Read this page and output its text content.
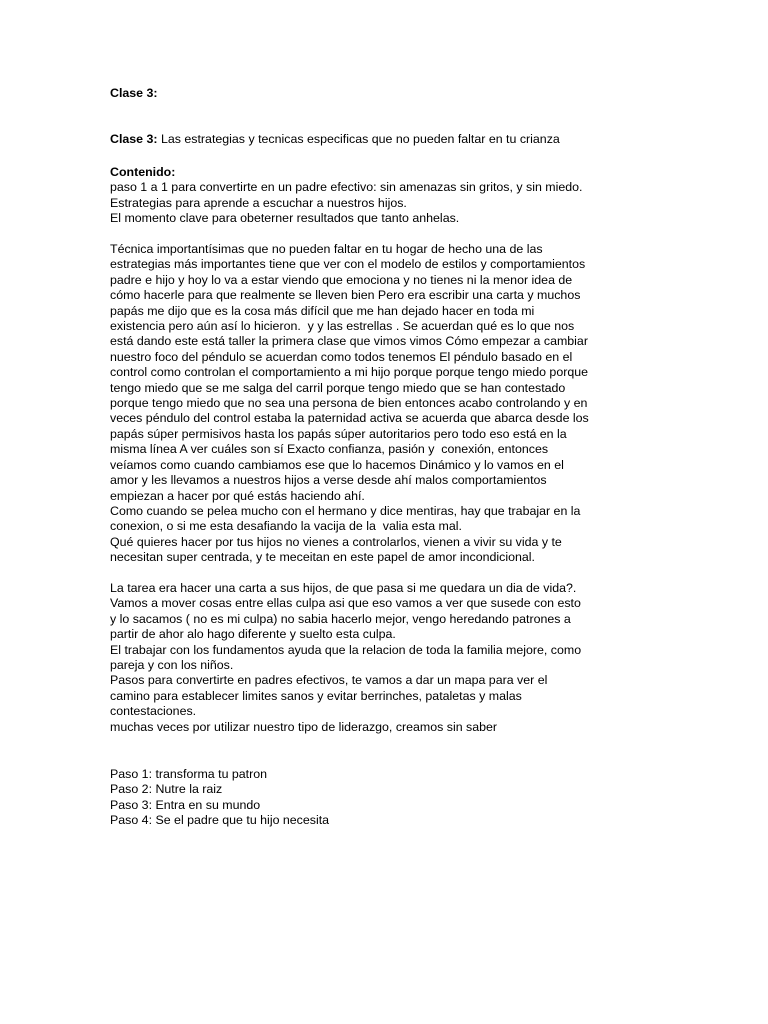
Clase 3:

Clase 3: Las estrategias y tecnicas especificas que no pueden faltar en tu crianza

Contenido:

paso 1 a 1 para convertirte en un padre efectivo: sin amenazas sin gritos, y sin miedo.

Estrategias para aprende a escuchar a nuestros hijos.

El momento clave para obeterner resultados que tanto anhelas.

Técnica importantísimas que no pueden faltar en tu hogar de hecho una de las

estrategias más importantes tiene que ver con el modelo de estilos y comportamientos

padre e hijo y hoy lo va a estar viendo que emociona y no tienes ni la menor idea de

cómo hacerle para que realmente se lleven bien Pero era escribir una carta y muchos

papás me dijo que es la cosa más difícil que me han dejado hacer en toda mi

existencia pero aún así lo hicieron.  y y las estrellas . Se acuerdan qué es lo que nos

está dando este está taller la primera clase que vimos vimos Cómo empezar a cambiar

nuestro foco del péndulo se acuerdan como todos tenemos El péndulo basado en el

control como controlan el comportamiento a mi hijo porque porque tengo miedo porque

tengo miedo que se me salga del carril porque tengo miedo que se han contestado

porque tengo miedo que no sea una persona de bien entonces acabo controlando y en

veces péndulo del control estaba la paternidad activa se acuerda que abarca desde los

papás súper permisivos hasta los papás súper autoritarios pero todo eso está en la

misma línea A ver cuáles son sí Exacto confianza, pasión y  conexión, entonces

veíamos como cuando cambiamos ese que lo hacemos Dinámico y lo vamos en el

amor y les llevamos a nuestros hijos a verse desde ahí malos comportamientos

empiezan a hacer por qué estás haciendo ahí.

Como cuando se pelea mucho con el hermano y dice mentiras, hay que trabajar en la

conexion, o si me esta desafiando la vacija de la  valia esta mal.

Qué quieres hacer por tus hijos no vienes a controlarlos, vienen a vivir su vida y te

necesitan super centrada, y te meceitan en este papel de amor incondicional.

La tarea era hacer una carta a sus hijos, de que pasa si me quedara un dia de vida?.

Vamos a mover cosas entre ellas culpa asi que eso vamos a ver que susede con esto

y lo sacamos ( no es mi culpa) no sabia hacerlo mejor, vengo heredando patrones a

partir de ahor alo hago diferente y suelto esta culpa.

El trabajar con los fundamentos ayuda que la relacion de toda la familia mejore, como

pareja y con los niños.

Pasos para convertirte en padres efectivos, te vamos a dar un mapa para ver el

camino para establecer limites sanos y evitar berrinches, pataletas y malas

contestaciones.

muchas veces por utilizar nuestro tipo de liderazgo, creamos sin saber

Paso 1: transforma tu patron

Paso 2: Nutre la raiz

Paso 3: Entra en su mundo

Paso 4: Se el padre que tu hijo necesita
